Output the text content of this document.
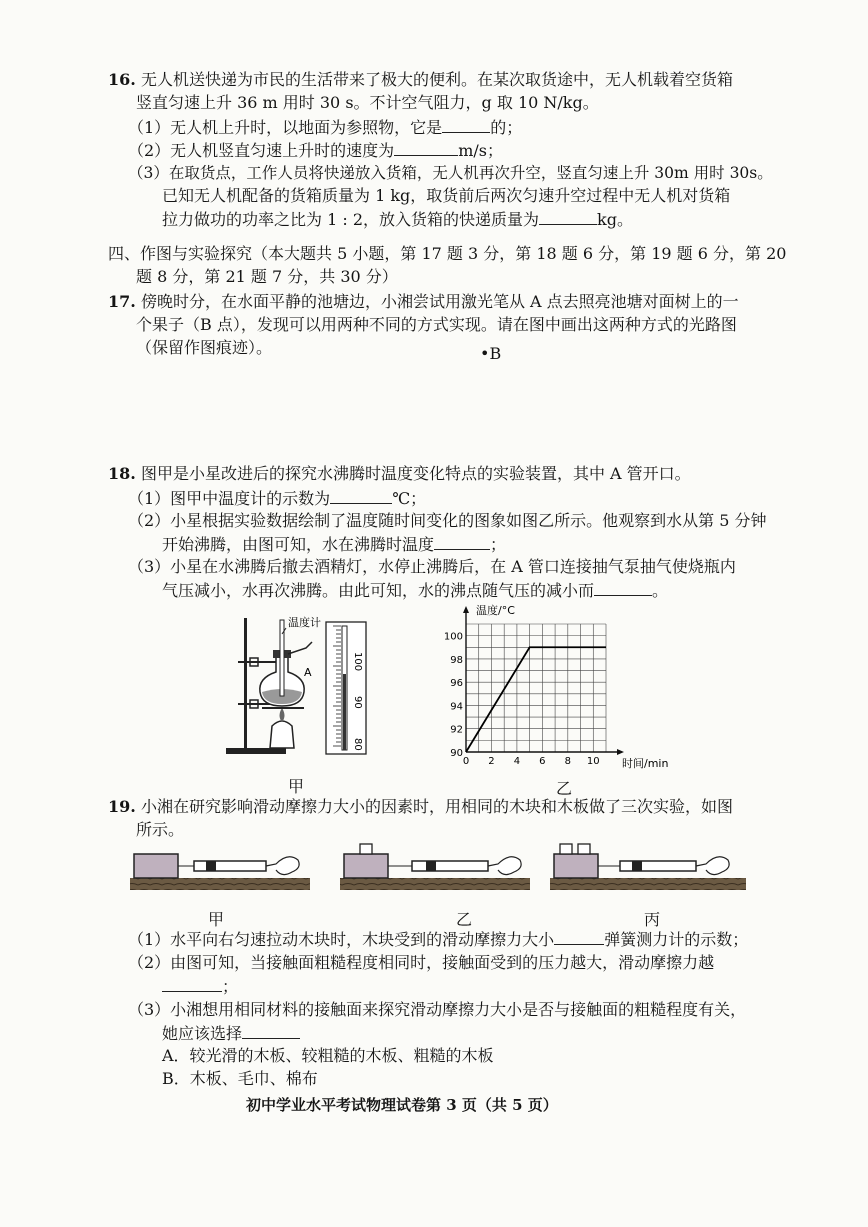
16. 无人机送快递为市民的生活带来了极大的便利。在某次取货途中，无人机载着空货箱
竖直匀速上升 36 m 用时 30 s。不计空气阻力，g 取 10 N/kg。
（1）无人机上升时，以地面为参照物，它是	的；
（2）无人机竖直匀速上升时的速度为	m/s；
（3）在取货点，工作人员将快递放入货箱，无人机再次升空，竖直匀速上升 30m 用时 30s。
已知无人机配备的货箱质量为 1 kg，取货前后两次匀速升空过程中无人机对货箱
拉力做功的功率之比为 1 : 2，放入货箱的快递质量为	kg。
四、作图与实验探究（本大题共 5 小题，第 17 题 3 分，第 18 题 6 分，第 19 题 6 分，第 20
题 8 分，第 21 题 7 分，共 30 分）
17. 傍晚时分，在水面平静的池塘边，小湘尝试用激光笔从 A 点去照亮池塘对面树上的一
个果子（B 点），发现可以用两种不同的方式实现。请在图中画出这两种方式的光路图
（保留作图痕迹）。	•B
18. 图甲是小星改进后的探究水沸腾时温度变化特点的实验装置，其中 A 管开口。
（1）图甲中温度计的示数为	℃；
（2）小星根据实验数据绘制了温度随时间变化的图象如图乙所示。他观察到水从第 5 分钟
开始沸腾，由图可知，水在沸腾时温度	；
（3）小星在水沸腾后撤去酒精灯，水停止沸腾后，在 A 管口连接抽气泵抽气使烧瓶内
气压减小，水再次沸腾。由此可知，水的沸点随气压的减小而	。
A
温度计
100
90
80
甲
0 2 4 6 8 10
90
92
94
96
98
100
温度/°C
时间/min
乙
19. 小湘在研究影响滑动摩擦力大小的因素时，用相同的木块和木板做了三次实验，如图
所示。
甲	乙	丙
（1）水平向右匀速拉动木块时，木块受到的滑动摩擦力大小	弹簧测力计的示数；
（2）由图可知，当接触面粗糙程度相同时，接触面受到的压力越大，滑动摩擦力越
；
（3）小湘想用相同材料的接触面来探究滑动摩擦力大小是否与接触面的粗糙程度有关，
她应该选择
A．较光滑的木板、较粗糙的木板、粗糙的木板
B．木板、毛巾、棉布
初中学业水平考试物理试卷第 3 页（共 5 页）
